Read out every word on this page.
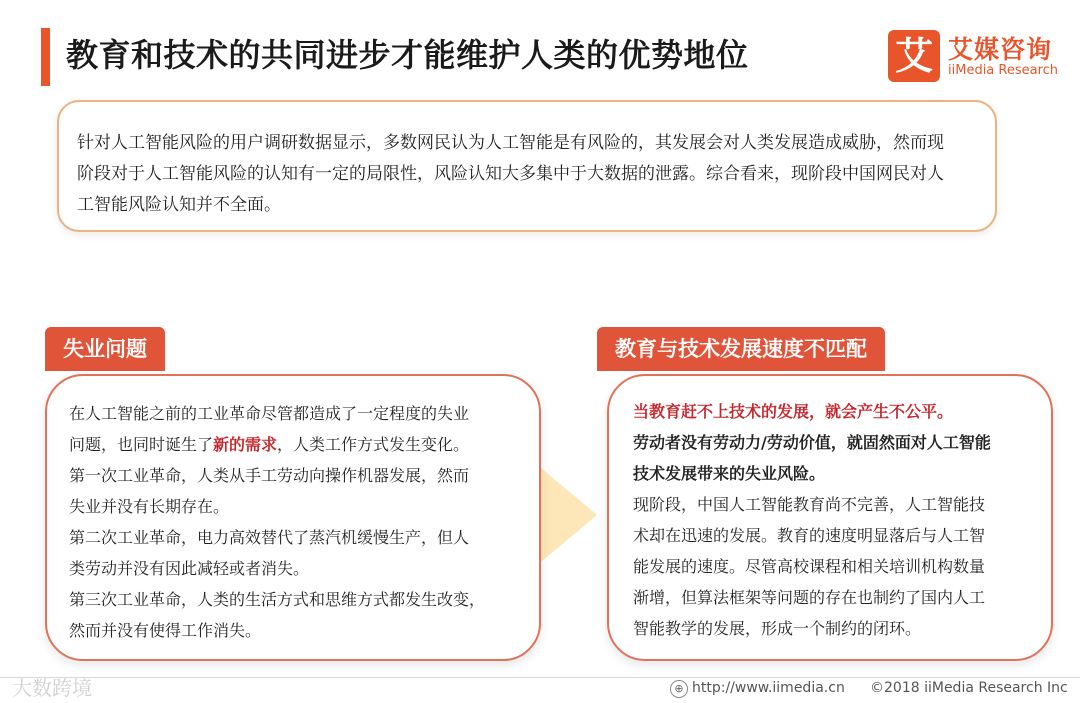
教育和技术的共同进步才能维护人类的优势地位	艾 艾媒咨询
iiMedia Research

针对人工智能风险的用户调研数据显示，多数网民认为人工智能是有风险的，其发展会对人类发展造成威胁，然而现

阶段对于人工智能风险的认知有一定的局限性，风险认知大多集中于大数据的泄露。综合看来，现阶段中国网民对人

工智能风险认知并不全面。

在人工智能之前的工业革命尽管都造成了一定程度的失业
问题，也同时诞生了新的需求，人类工作方式发生变化。
第一次工业革命，人类从手工劳动向操作机器发展，然而
失业并没有长期存在。
第二次工业革命，电力高效替代了蒸汽机缓慢生产，但人
类劳动并没有因此减轻或者消失。
第三次工业革命，人类的生活方式和思维方式都发生改变，
然而并没有使得工作消失。
失业问题
当教育赶不上技术的发展，就会产生不公平。
劳动者没有劳动力/劳动价值，就固然面对人工智能
技术发展带来的失业风险。
现阶段，中国人工智能教育尚不完善，人工智能技
术却在迅速的发展。教育的速度明显落后与人工智
能发展的速度。尽管高校课程和相关培训机构数量
渐增，但算法框架等问题的存在也制约了国内人工
智能教学的发展，形成一个制约的闭环。
教育与技术发展速度不匹配
大数跨境	⊕ http://www.iimedia.cn ©2018 iiMedia Research Inc
